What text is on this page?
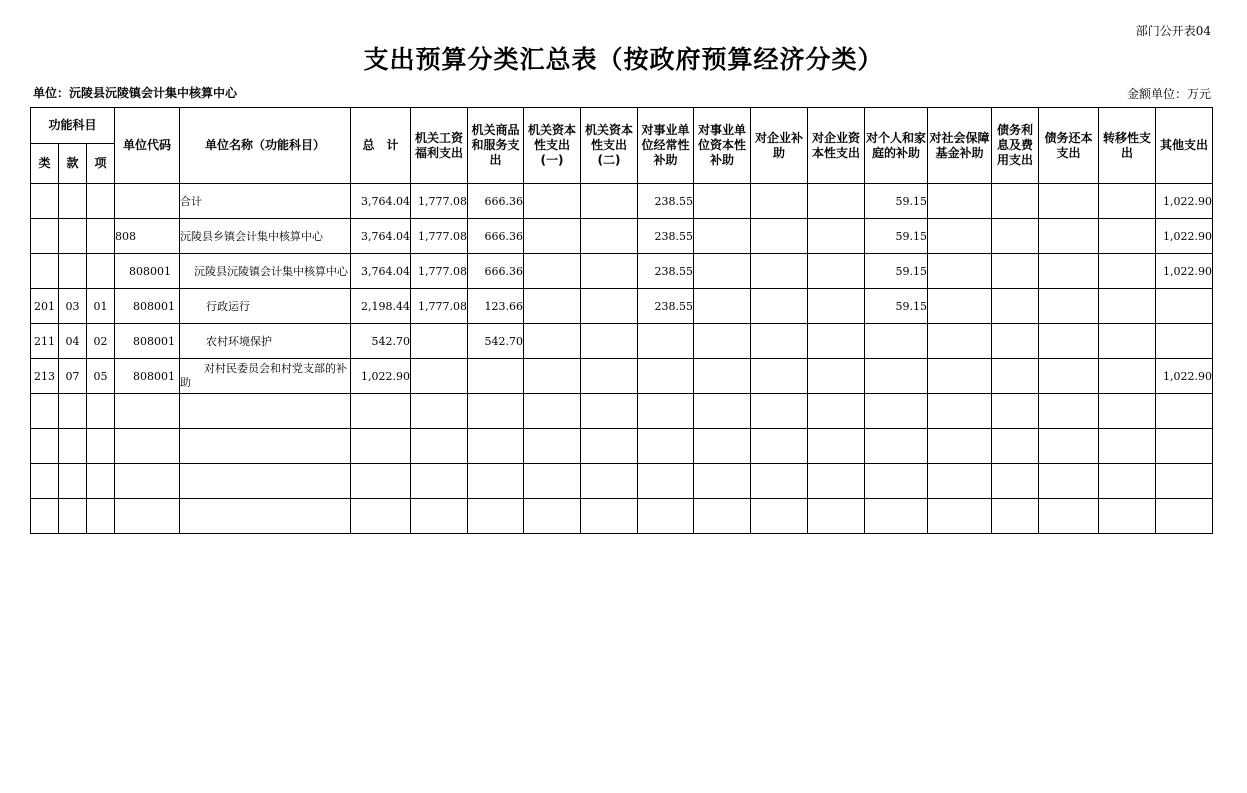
部门公开表04
支出预算分类汇总表（按政府预算经济分类）
单位：沅陵县沅陵镇会计集中核算中心	金额单位：万元
功能科目			单位代码	单位名称（功能科目）	总　计	机关工资福利支出	机关商品和服务支出	机关资本性支出(一)	机关资本性支出(二)	对事业单位经常性补助	对事业单位资本性补助	对企业补助	对企业资本性支出	对个人和家庭的补助	对社会保障基金补助	债务利息及费用支出	债务还本支出	转移性支出	其他支出
类	款	项																	
				合计	3,764.04	1,777.08	666.36			238.55				59.15					1,022.90
			808	沅陵县乡镇会计集中核算中心	3,764.04	1,777.08	666.36			238.55				59.15					1,022.90
			808001	沅陵县沅陵镇会计集中核算中心	3,764.04	1,777.08	666.36			238.55				59.15					1,022.90
201	03	01	808001	行政运行	2,198.44	1,777.08	123.66			238.55				59.15					
211	04	02	808001	农村环境保护	542.70		542.70												
213	07	05	808001	对村民委员会和村党支部的补助	1,022.90														1,022.90
